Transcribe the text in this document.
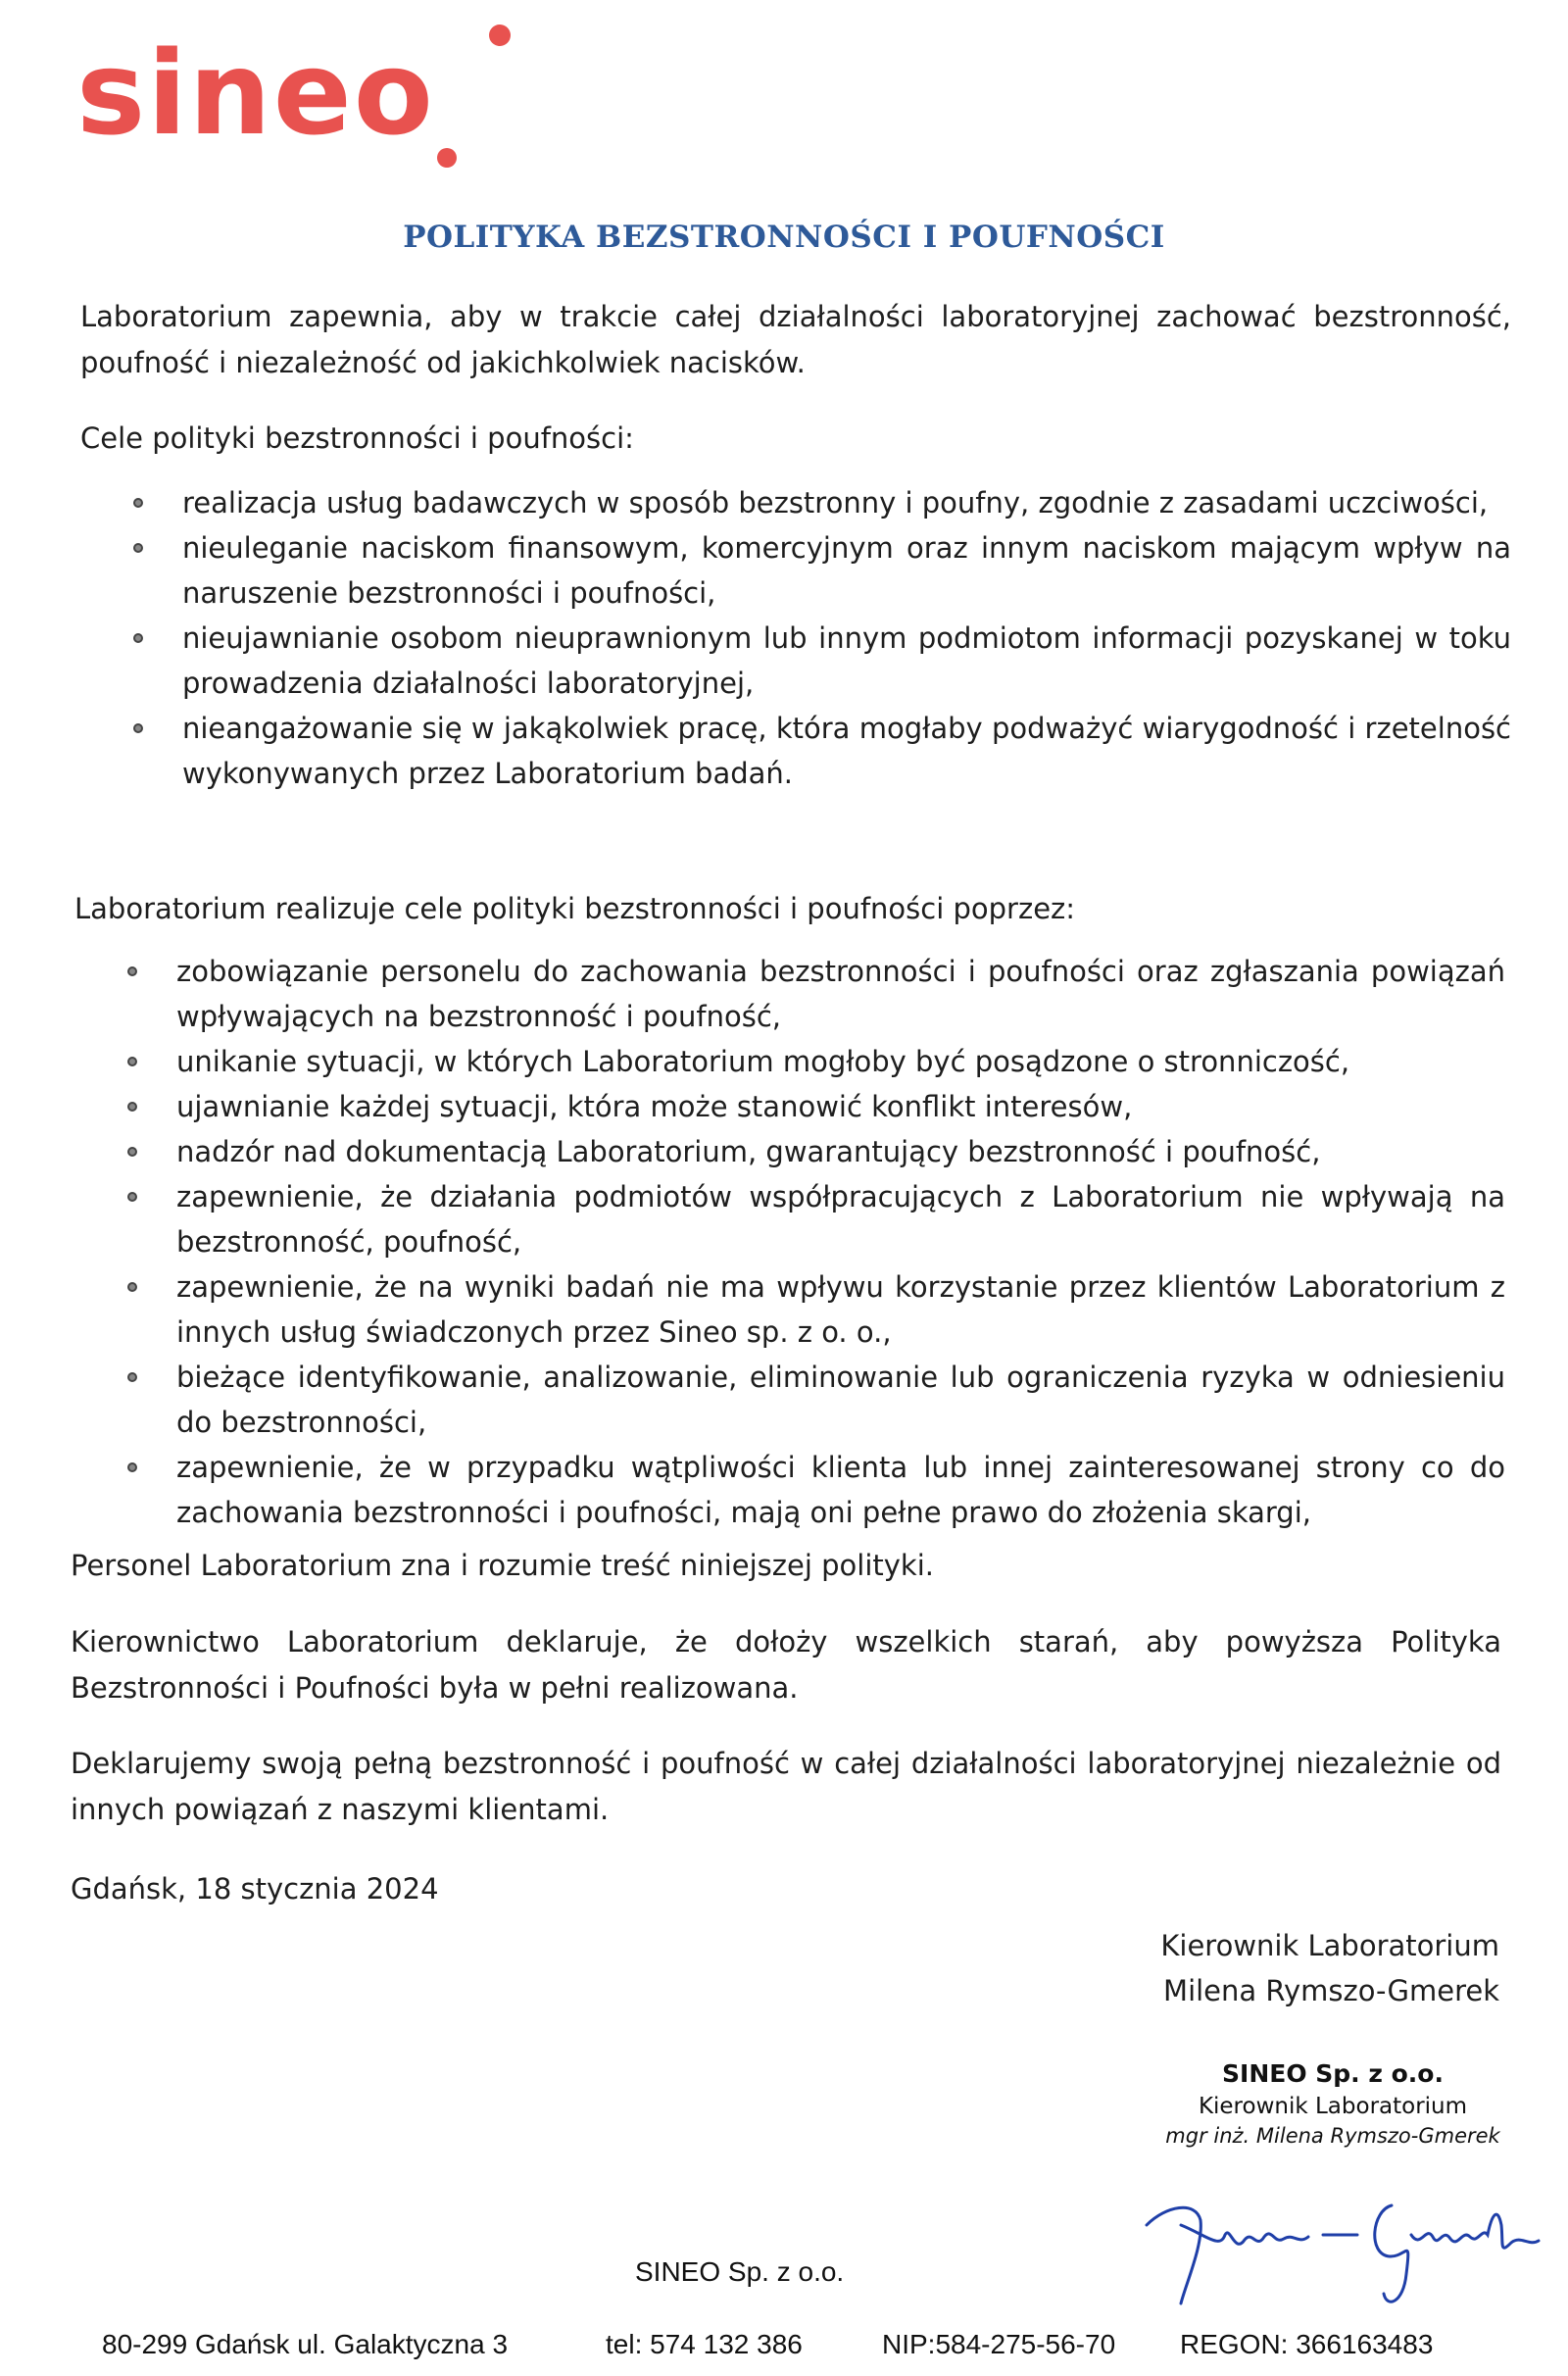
sineo
POLITYKA BEZSTRONNOŚCI I POUFNOŚCI

Laboratorium zapewnia, aby w trakcie całej działalności laboratoryjnej zachować bezstronność, poufność i niezależność od jakichkolwiek nacisków.

Cele polityki bezstronności i poufności:

realizacja usług badawczych w sposób bezstronny i poufny, zgodnie z zasadami uczciwości,
nieuleganie naciskom finansowym, komercyjnym oraz innym naciskom mającym wpływ na naruszenie bezstronności i poufności,
nieujawnianie osobom nieuprawnionym lub innym podmiotom informacji pozyskanej w toku prowadzenia działalności laboratoryjnej,
nieangażowanie się w jakąkolwiek pracę, która mogłaby podważyć wiarygodność i rzetelność wykonywanych przez Laboratorium badań.

Laboratorium realizuje cele polityki bezstronności i poufności poprzez:

zobowiązanie personelu do zachowania bezstronności i poufności oraz zgłaszania powiązań wpływających na bezstronność i poufność,
unikanie sytuacji, w których Laboratorium mogłoby być posądzone o stronniczość,
ujawnianie każdej sytuacji, która może stanowić konflikt interesów,
nadzór nad dokumentacją Laboratorium, gwarantujący bezstronność i poufność,
zapewnienie, że działania podmiotów współpracujących z Laboratorium nie wpływają na bezstronność, poufność,
zapewnienie, że na wyniki badań nie ma wpływu korzystanie przez klientów Laboratorium z innych usług świadczonych przez Sineo sp. z o. o.,
bieżące identyfikowanie, analizowanie, eliminowanie lub ograniczenia ryzyka w odniesieniu do bezstronności,
zapewnienie, że w przypadku wątpliwości klienta lub innej zainteresowanej strony co do zachowania bezstronności i poufności, mają oni pełne prawo do złożenia skargi,

Personel Laboratorium zna i rozumie treść niniejszej polityki.

Kierownictwo Laboratorium deklaruje, że dołoży wszelkich starań, aby powyższa Polityka Bezstronności i Poufności była w pełni realizowana.

Deklarujemy swoją pełną bezstronność i poufność w całej działalności laboratoryjnej niezależnie od innych powiązań z naszymi klientami.

Gdańsk, 18 stycznia 2024

Kierownik Laboratorium
Milena Rymszo-Gmerek
SINEO Sp. z o.o.
Kierownik Laboratorium
mgr inż. Milena Rymszo-Gmerek
SINEO Sp. z o.o.
80-299 Gdańsk ul. Galaktyczna 3	tel: 574 132 386	NIP:584-275-56-70 REGON: 366163483
